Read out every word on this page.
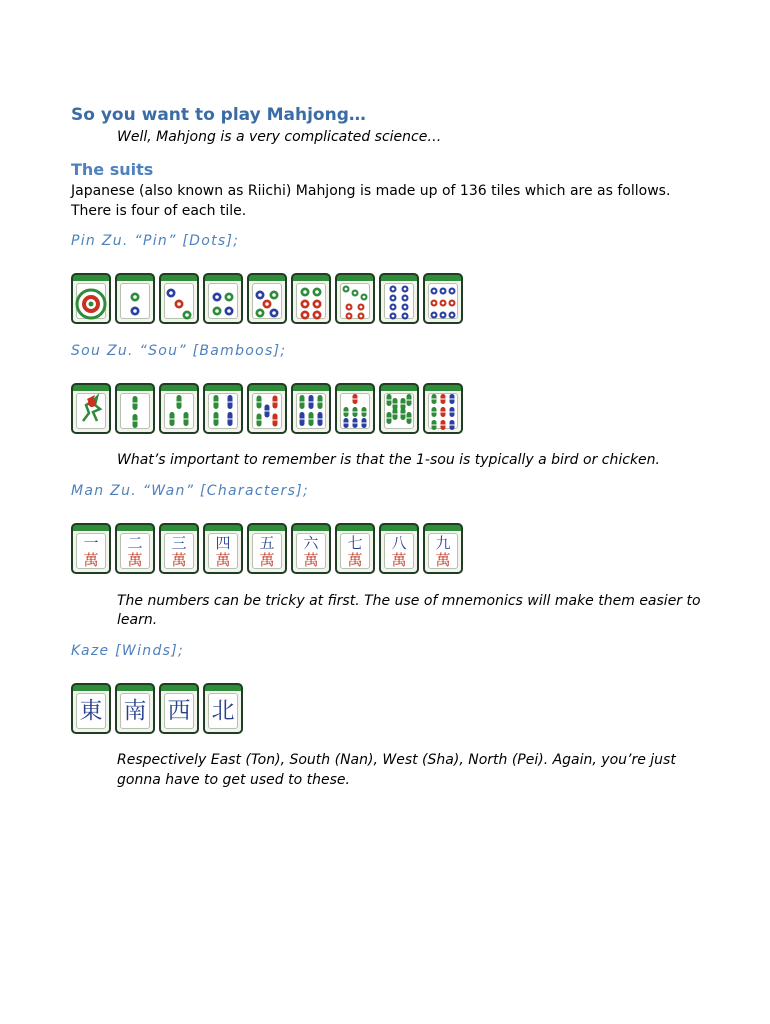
So you want to play Mahjong…
Well, Mahjong is a very complicated science…
The suits
Japanese (also known as Riichi) Mahjong is made up of 136 tiles which are as follows.
There is four of each tile.
Pin Zu. “Pin” [Dots];
Sou Zu. “Sou” [Bamboos];
What’s important to remember is that the 1-sou is typically a bird or chicken.
Man Zu. “Wan” [Characters];
一
萬
二
萬
三
萬
四
萬
五
萬
六
萬
七
萬
八
萬
九
萬
The numbers can be tricky at first. The use of mnemonics will make them easier to
learn.
Kaze [Winds];
東 南 西 北
Respectively East (Ton), South (Nan), West (Sha), North (Pei). Again, you’re just
gonna have to get used to these.
